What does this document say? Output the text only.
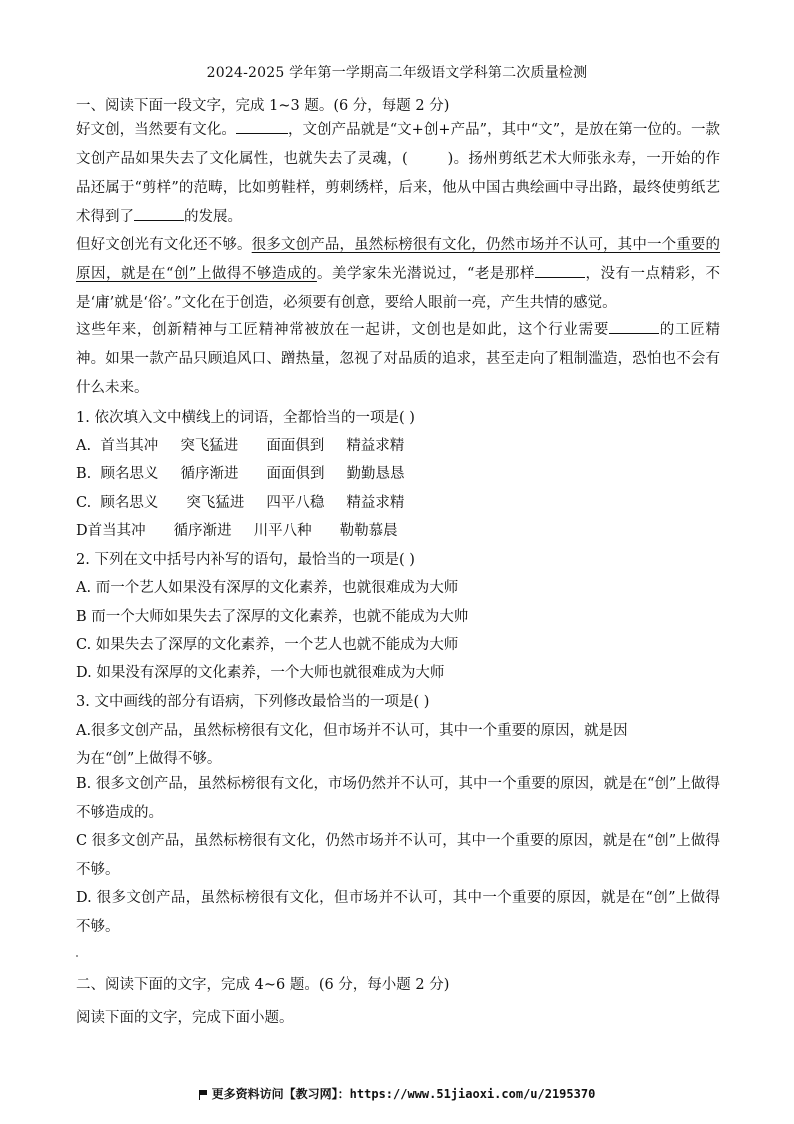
2024-2025 学年第一学期高二年级语文学科第二次质量检测
一、阅读下面一段文字，完成 1~3 题。(6 分，每题 2 分)

好文创，当然要有文化。	，文创产品就是“文+创+产品”，其中“文”，是放在第一位的。一款文创产品如果失去了文化属性，也就失去了灵魂，(	)。扬州剪纸艺术大师张永寿，一开始的作品还属于“剪样”的范畴，比如剪鞋样，剪刺绣样，后来，他从中国古典绘画中寻出路，最终使剪纸艺术得到了	的发展。

但好文创光有文化还不够。很多文创产品，虽然标榜很有文化，仍然市场并不认可，其中一个重要的原因，就是在“创”上做得不够造成的。美学家朱光潜说过，“老是那样	，没有一点精彩，不是‘庸’就是‘俗’。”文化在于创造，必须要有创意，要给人眼前一亮，产生共情的感觉。

这些年来，创新精神与工匠精神常被放在一起讲，文创也是如此，这个行业需要	的工匠精神。如果一款产品只顾追风口、蹭热量，忽视了对品质的追求，甚至走向了粗制滥造，恐怕也不会有什么未来。

1. 依次填入文中横线上的词语，全都恰当的一项是( )
A. 首当其冲 突飞猛进 面面俱到 精益求精
B. 顾名思义 循序渐进 面面俱到 勤勤恳恳
C. 顾名思义 突飞猛进 四平八稳 精益求精
D首当其冲 循序渐进 川平八种 勒勒慕晨
2. 下列在文中括号内补写的语句，最恰当的一项是( )
A. 而一个艺人如果没有深厚的文化素养，也就很难成为大师
B 而一个大师如果失去了深厚的文化素养，也就不能成为大帅
C. 如果失去了深厚的文化素养，一个艺人也就不能成为大师
D. 如果没有深厚的文化素养，一个大师也就很难成为大师
3. 文中画线的部分有语病，下列修改最恰当的一项是( )
A.很多文创产品，虽然标榜很有文化，但市场并不认可，其中一个重要的原因，就是因
为在“创”上做得不够。

B. 很多文创产品，虽然标榜很有文化，市场仍然并不认可，其中一个重要的原因，就是在“创”上做得不够造成的。

C 很多文创产品，虽然标榜很有文化，仍然市场并不认可，其中一个重要的原因，就是在“创”上做得不够。

D. 很多文创产品，虽然标榜很有文化，但市场并不认可，其中一个重要的原因，就是在“创”上做得不够。

二、阅读下面的文字，完成 4~6 题。(6 分，每小题 2 分)
阅读下面的文字，完成下面小题。
更多资料访问【教习网】：https://www.51jiaoxi.com/u/2195370
